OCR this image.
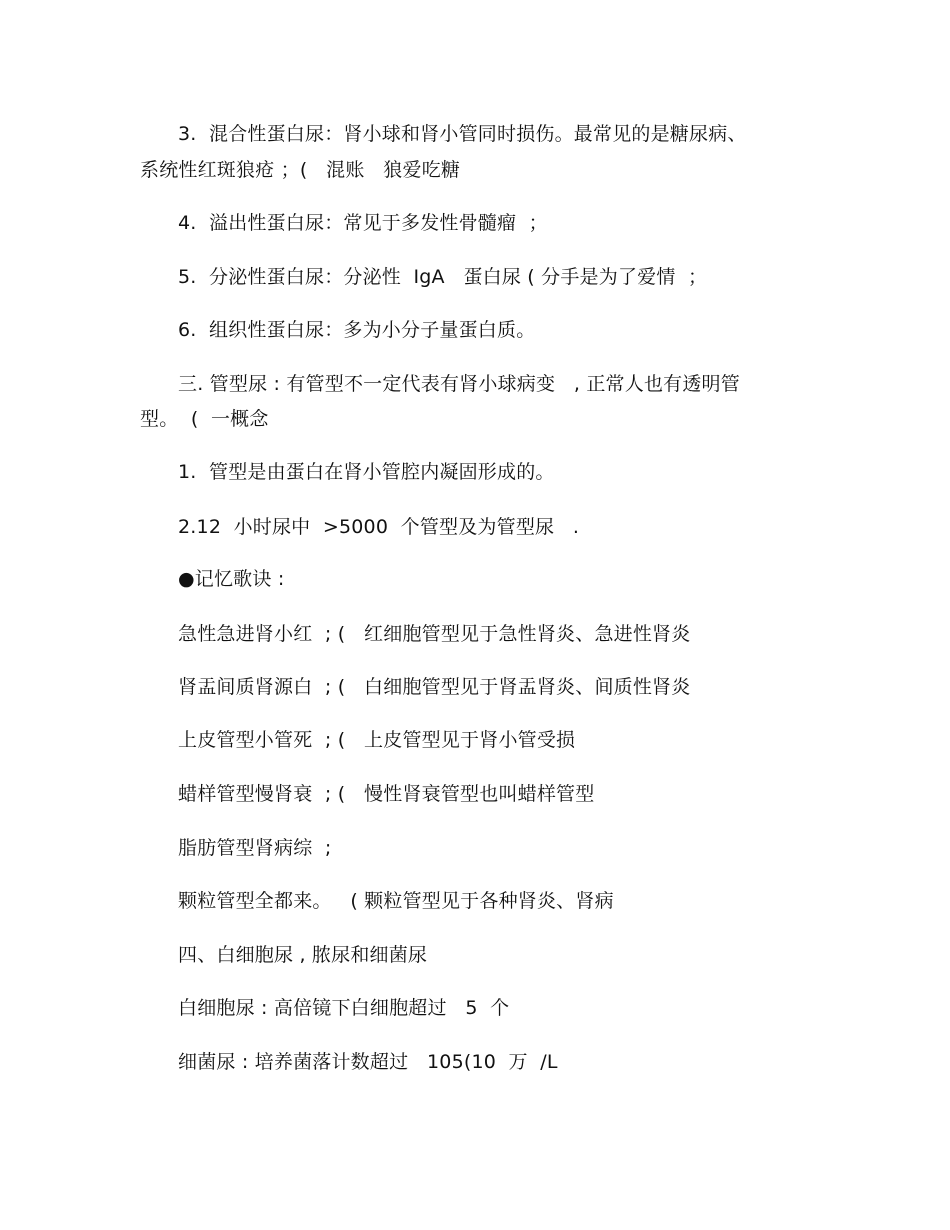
3.  混合性蛋白尿：肾小球和肾小管同时损伤。最常见的是糖尿病、
系统性红斑狼疮 ；(   混账   狼爱吃糖
4.  溢出性蛋白尿：常见于多发性骨髓瘤  ；
5.  分泌性蛋白尿：分泌性  IgA   蛋白尿 ( 分手是为了爱情  ；
6.  组织性蛋白尿：多为小分子量蛋白质。
三. 管型尿 : 有管型不一定代表有肾小球病变   , 正常人也有透明管
型。  (  一概念
1.  管型是由蛋白在肾小管腔内凝固形成的。
2.12  小时尿中  >5000  个管型及为管型尿   .
●记忆歌诀 :
急性急进肾小红  ; (   红细胞管型见于急性肾炎、急进性肾炎
肾盂间质肾源白  ; (   白细胞管型见于肾盂肾炎、间质性肾炎
上皮管型小管死  ; (   上皮管型见于肾小管受损
蜡样管型慢肾衰  ; (   慢性肾衰管型也叫蜡样管型
脂肪管型肾病综  ;
颗粒管型全都来。   ( 颗粒管型见于各种肾炎、肾病
四、白细胞尿 , 脓尿和细菌尿
白细胞尿 : 高倍镜下白细胞超过   5  个
细菌尿 : 培养菌落计数超过   105(10  万  /L
